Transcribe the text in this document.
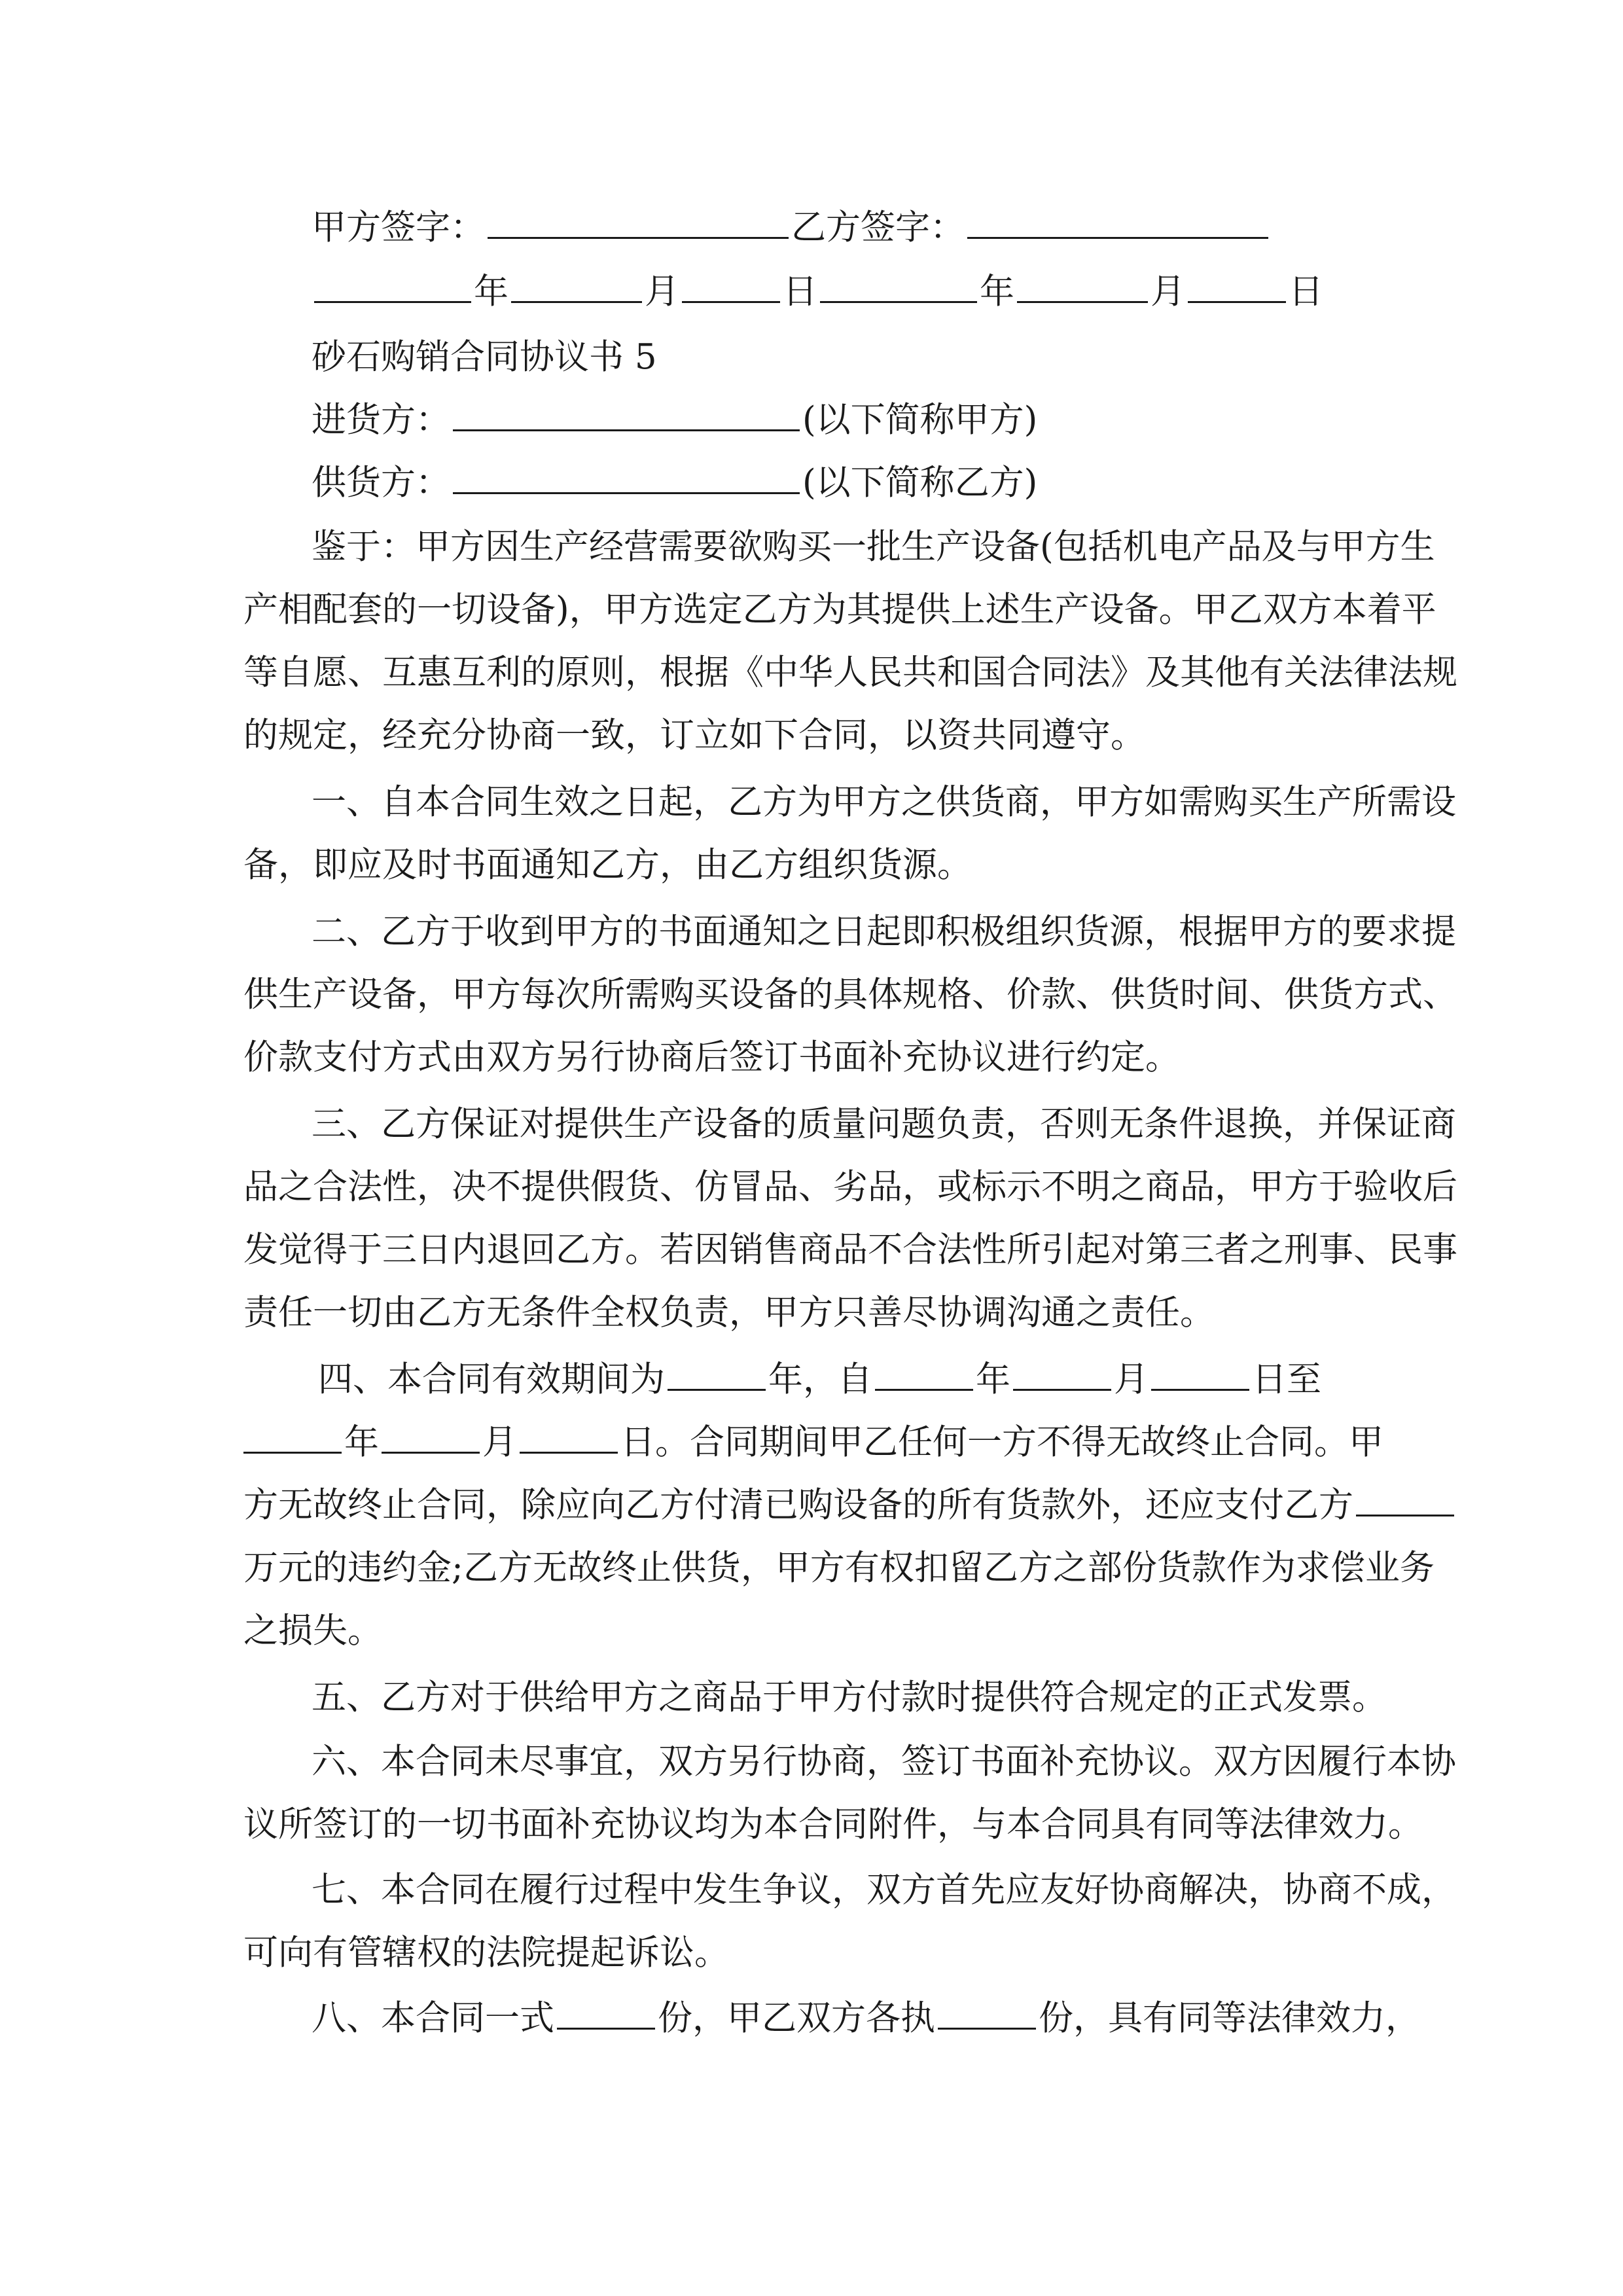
甲方签字：	乙方签字：
年	月	日	年	月	日
砂石购销合同协议书 5
进货方：	(以下简称甲方)
供货方：	(以下简称乙方)
鉴于：甲方因生产经营需要欲购买一批生产设备(包括机电产品及与甲方生
产相配套的一切设备)，甲方选定乙方为其提供上述生产设备。甲乙双方本着平
等自愿、互惠互利的原则，根据《中华人民共和国合同法》及其他有关法律法规
的规定，经充分协商一致，订立如下合同，以资共同遵守。
一、自本合同生效之日起，乙方为甲方之供货商，甲方如需购买生产所需设
备，即应及时书面通知乙方，由乙方组织货源。
二、乙方于收到甲方的书面通知之日起即积极组织货源，根据甲方的要求提
供生产设备，甲方每次所需购买设备的具体规格、价款、供货时间、供货方式、
价款支付方式由双方另行协商后签订书面补充协议进行约定。
三、乙方保证对提供生产设备的质量问题负责，否则无条件退换，并保证商
品之合法性，决不提供假货、仿冒品、劣品，或标示不明之商品，甲方于验收后
发觉得于三日内退回乙方。若因销售商品不合法性所引起对第三者之刑事、民事
责任一切由乙方无条件全权负责，甲方只善尽协调沟通之责任。
四、本合同有效期间为	年，自	年	月	日至
年	月	日。合同期间甲乙任何一方不得无故终止合同。甲
方无故终止合同，除应向乙方付清已购设备的所有货款外，还应支付乙方
万元的违约金;乙方无故终止供货，甲方有权扣留乙方之部份货款作为求偿业务
之损失。
五、乙方对于供给甲方之商品于甲方付款时提供符合规定的正式发票。
六、本合同未尽事宜，双方另行协商，签订书面补充协议。双方因履行本协
议所签订的一切书面补充协议均为本合同附件，与本合同具有同等法律效力。
七、本合同在履行过程中发生争议，双方首先应友好协商解决，协商不成，
可向有管辖权的法院提起诉讼。
八、本合同一式	份，甲乙双方各执	份，具有同等法律效力，
